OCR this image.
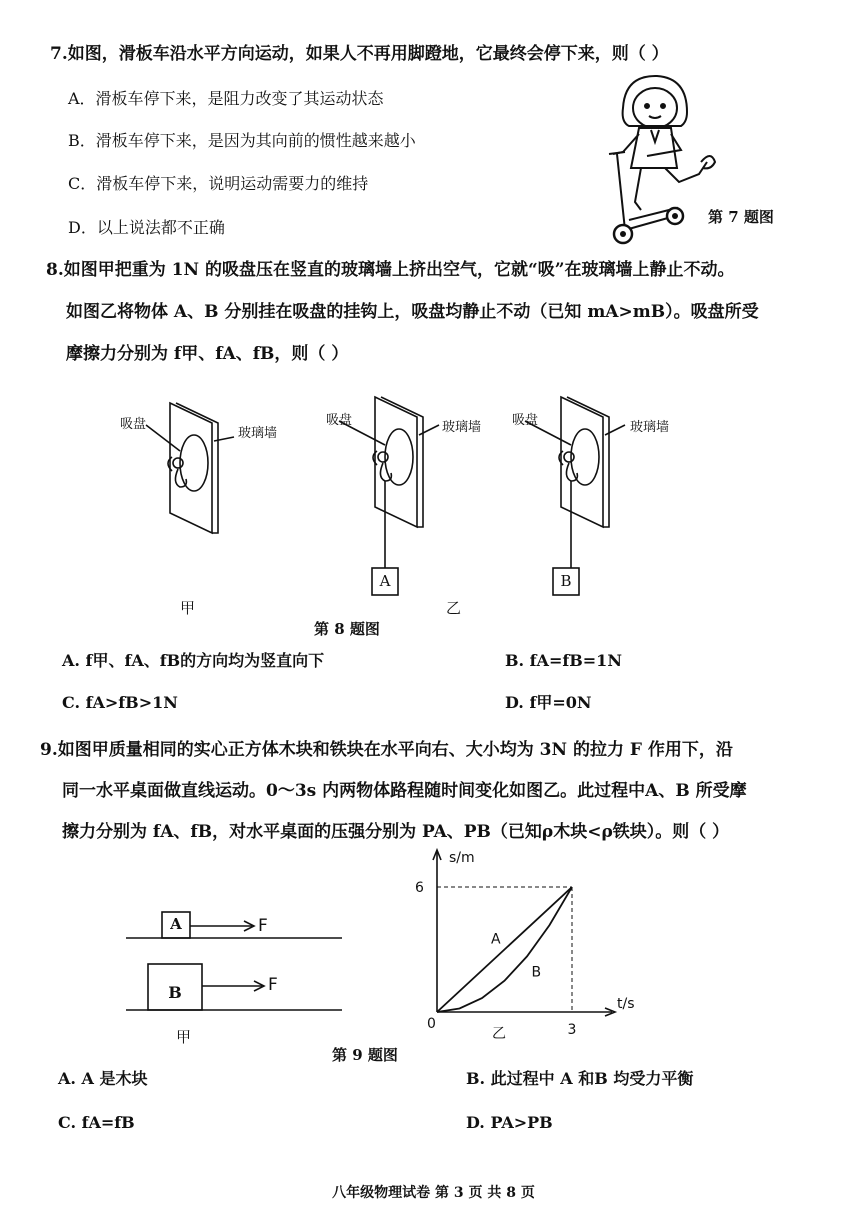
7.如图，滑板车沿水平方向运动，如果人不再用脚蹬地，它最终会停下来，则（ ）
A．滑板车停下来，是阻力改变了其运动状态
B．滑板车停下来，是因为其向前的惯性越来越小
C．滑板车停下来，说明运动需要力的维持
D．以上说法都不正确
第 7 题图
8.如图甲把重为 1N 的吸盘压在竖直的玻璃墙上挤出空气，它就“吸”在玻璃墙上静止不动。
如图乙将物体 A、B 分别挂在吸盘的挂钩上，吸盘均静止不动（已知 mA>mB）。吸盘所受
摩擦力分别为 f甲、fA、fB，则（ ）
吸盘
玻璃墙
吸盘	玻璃墙
A
吸盘	玻璃墙
B
甲	乙
第 8 题图
A. f甲、fA、fB的方向均为竖直向下	B. fA=fB=1N
C. fA>fB>1N	D. f甲=0N
9.如图甲质量相同的实心正方体木块和铁块在水平向右、大小均为 3N 的拉力 F 作用下，沿
同一水平桌面做直线运动。0～3s 内两物体路程随时间变化如图乙。此过程中A、B 所受摩
擦力分别为 fA、fB，对水平桌面的压强分别为 PA、PB（已知ρ木块<ρ铁块）。则（ ）
A	F
B	F
甲
s/m
t/s
0	3
6
A
B
乙
第 9 题图
A. A 是木块	B. 此过程中 A 和B 均受力平衡
C. fA=fB	D. PA>PB
八年级物理试卷 第 3 页 共 8 页
